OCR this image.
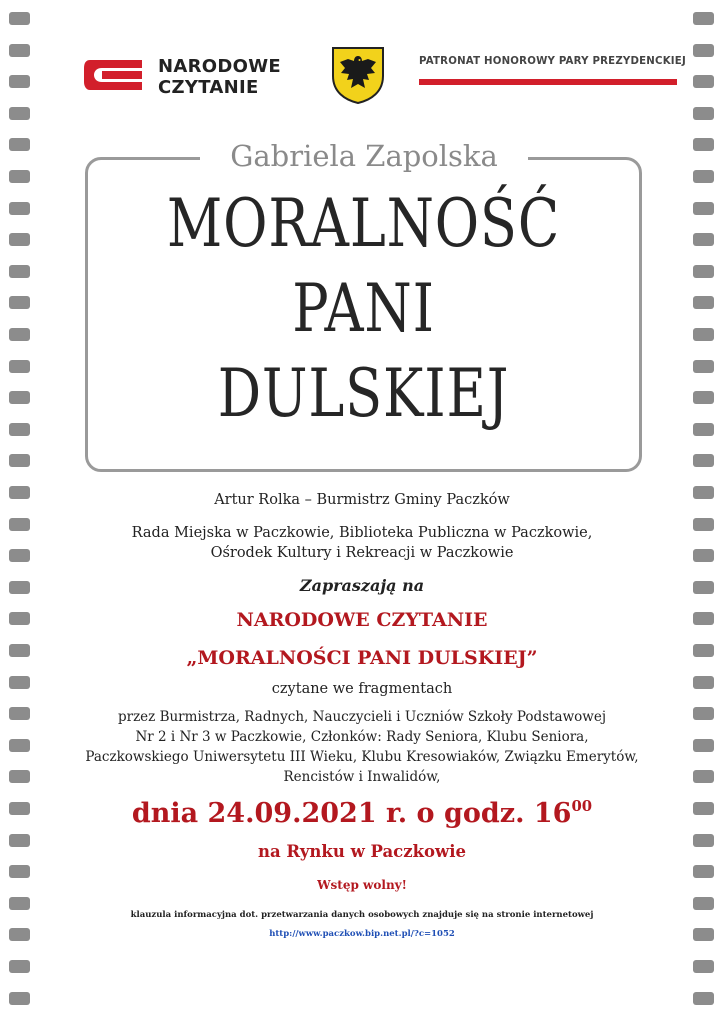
NARODOWE
CZYTANIE
PATRONAT HONOROWY PARY PREZYDENCKIEJ
Gabriela Zapolska
MORALNOŚĆ
PANI
DULSKIEJ
Artur Rolka – Burmistrz Gminy Paczków
Rada Miejska w Paczkowie, Biblioteka Publiczna w Paczkowie,
Ośrodek Kultury i Rekreacji w Paczkowie
Zapraszają na
NARODOWE CZYTANIE
„MORALNOŚCI PANI DULSKIEJ”
czytane we fragmentach
przez Burmistrza, Radnych, Nauczycieli i Uczniów Szkoły Podstawowej
Nr 2 i Nr 3 w Paczkowie, Członków: Rady Seniora, Klubu Seniora,
Paczkowskiego Uniwersytetu III Wieku, Klubu Kresowiaków, Związku Emerytów,
Rencistów i Inwalidów,
dnia 24.09.2021 r. o godz. $16^{00}$
na Rynku w Paczkowie
Wstęp wolny!
klauzula informacyjna dot. przetwarzania danych osobowych znajduje się na stronie internetowej
http://www.paczkow.bip.net.pl/?c=1052
